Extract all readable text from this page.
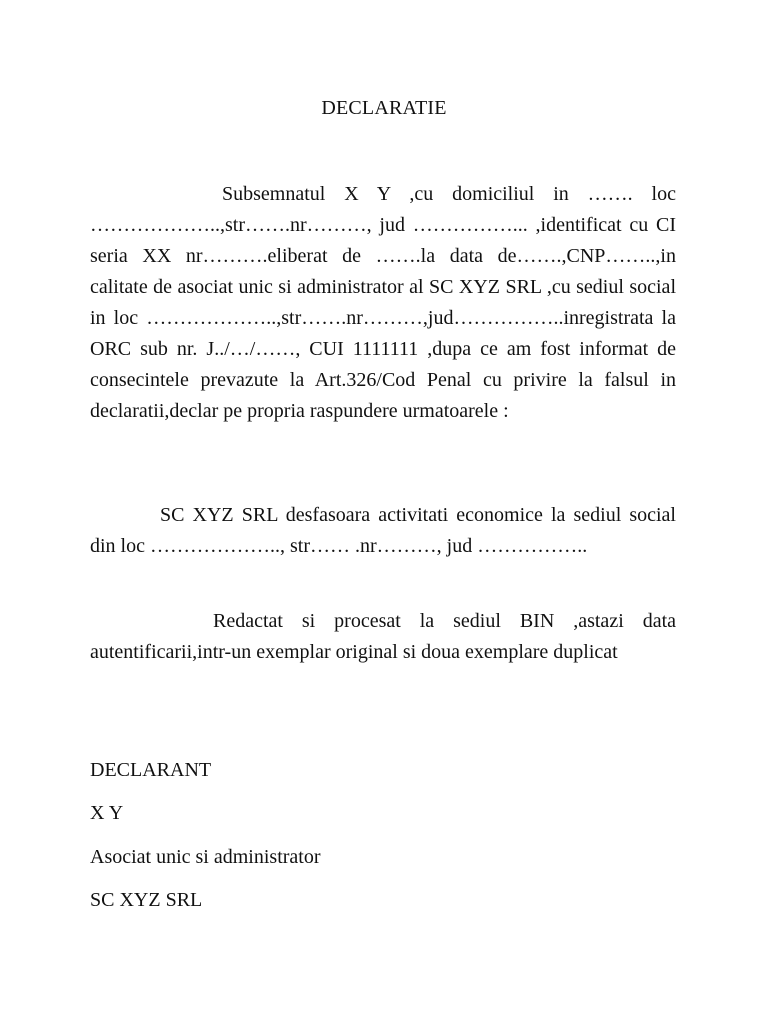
DECLARATIE
Subsemnatul X Y ,cu domiciliul in ……. loc ………………..,str…….nr………, jud ……………... ,identificat cu CI seria XX nr……….eliberat de …….la data de…….,CNP……..,in calitate de asociat unic si administrator al SC XYZ SRL ,cu sediul social in loc ………………..,str…….nr………,jud……………..inregistrata la ORC sub nr. J../…/……, CUI 1111111 ,dupa ce am fost informat de consecintele prevazute la Art.326/Cod Penal cu privire la falsul in declaratii,declar pe propria raspundere urmatoarele :
SC XYZ SRL desfasoara activitati economice la sediul social din loc ……………….., str…… .nr………, jud ……………..
Redactat si procesat la sediul BIN ,astazi data autentificarii,intr-un exemplar original si doua exemplare duplicat
DECLARANT
X Y
Asociat unic si administrator
SC XYZ SRL
